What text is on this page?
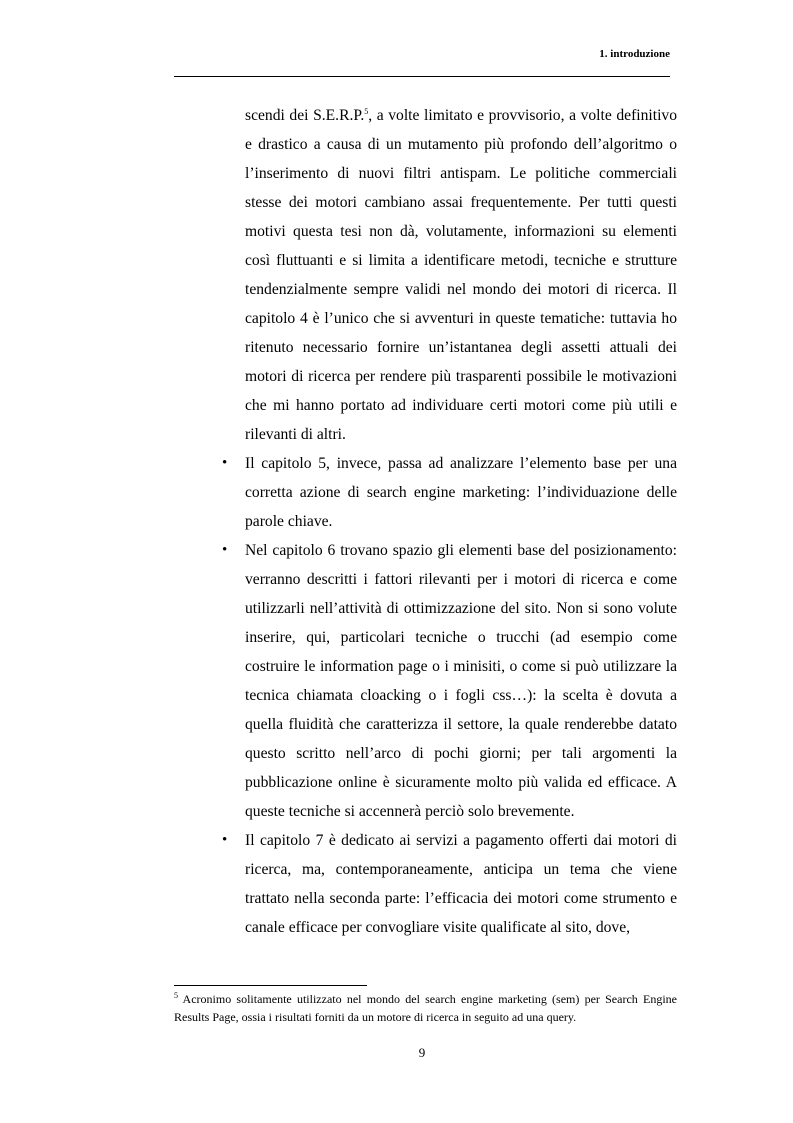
1. introduzione

scendi dei S.E.R.P.$^5$, a volte limitato e provvisorio, a volte definitivo e drastico a causa di un mutamento più profondo dell’algoritmo o l’inserimento di nuovi filtri antispam. Le politiche commerciali stesse dei motori cambiano assai frequentemente. Per tutti questi motivi questa tesi non dà, volutamente, informazioni su elementi così fluttuanti e si limita a identificare metodi, tecniche e strutture tendenzialmente sempre validi nel mondo dei motori di ricerca. Il capitolo 4 è l’unico che si avventuri in queste tematiche: tuttavia ho ritenuto necessario fornire un’istantanea degli assetti attuali dei motori di ricerca per rendere più trasparenti possibile le motivazioni che mi hanno portato ad individuare certi motori come più utili e rilevanti di altri.

• Il capitolo 5, invece, passa ad analizzare l’elemento base per una corretta azione di search engine marketing: l’individuazione delle parole chiave.

• Nel capitolo 6 trovano spazio gli elementi base del posizionamento: verranno descritti i fattori rilevanti per i motori di ricerca e come utilizzarli nell’attività di ottimizzazione del sito. Non si sono volute inserire, qui, particolari tecniche o trucchi (ad esempio come costruire le information page o i minisiti, o come si può utilizzare la tecnica chiamata cloacking o i fogli css…): la scelta è dovuta a quella fluidità che caratterizza il settore, la quale renderebbe datato questo scritto nell’arco di pochi giorni; per tali argomenti la pubblicazione online è sicuramente molto più valida ed efficace. A queste tecniche si accennerà perciò solo brevemente.

• Il capitolo 7 è dedicato ai servizi a pagamento offerti dai motori di ricerca, ma, contemporaneamente, anticipa un tema che viene trattato nella seconda parte: l’efficacia dei motori come strumento e canale efficace per convogliare visite qualificate al sito, dove,

$^5$ Acronimo solitamente utilizzato nel mondo del search engine marketing (sem) per Search Engine Results Page, ossia i risultati forniti da un motore di ricerca in seguito ad una query.
9
